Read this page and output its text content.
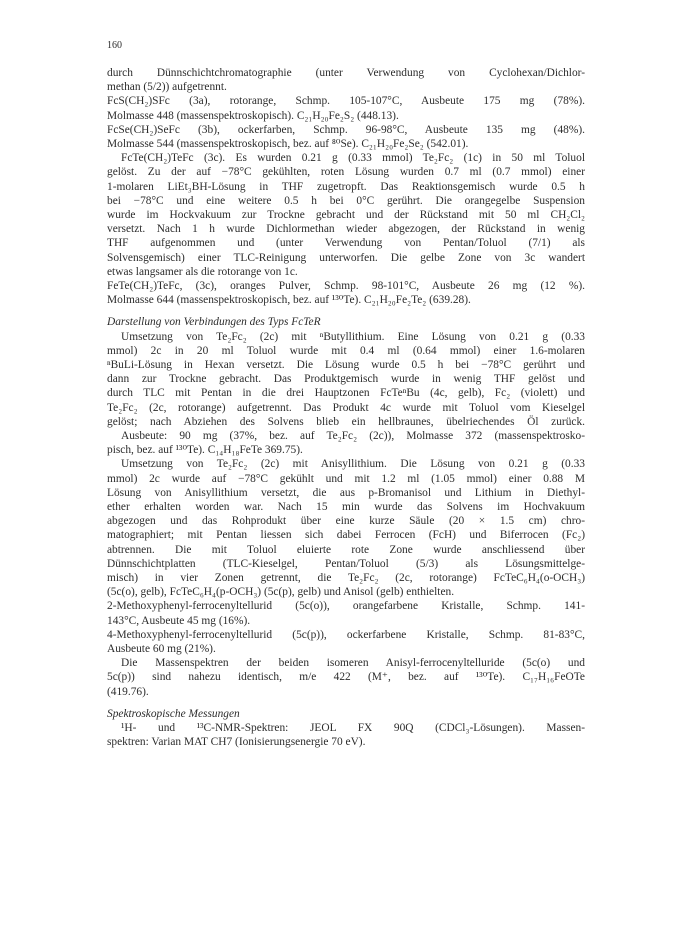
160
durch Dünnschichtchromatographie (unter Verwendung von Cyclohexan/Dichlor-
methan (5/2)) aufgetrennt.
FcS(CH₂)SFc (3a), rotorange, Schmp. 105-107°C, Ausbeute 175 mg (78%).
Molmasse 448 (massenspektroskopisch). C₂₁H₂₀Fe₂S₂ (448.13).
FcSe(CH₂)SeFc (3b), ockerfarben, Schmp. 96-98°C, Ausbeute 135 mg (48%).
Molmasse 544 (massenspektroskopisch, bez. auf ⁸⁰Se). C₂₁H₂₀Fe₂Se₂ (542.01).
FcTe(CH₂)TeFc (3c). Es wurden 0.21 g (0.33 mmol) Te₂Fc₂ (1c) in 50 ml Toluol
gelöst. Zu der auf −78°C gekühlten, roten Lösung wurden 0.7 ml (0.7 mmol) einer
1-molaren LiEt₃BH-Lösung in THF zugetropft. Das Reaktionsgemisch wurde 0.5 h
bei −78°C und eine weitere 0.5 h bei 0°C gerührt. Die orangegelbe Suspension
wurde im Hockvakuum zur Trockne gebracht und der Rückstand mit 50 ml CH₂Cl₂
versetzt. Nach 1 h wurde Dichlormethan wieder abgezogen, der Rückstand in wenig
THF aufgenommen und (unter Verwendung von Pentan/Toluol (7/1) als
Solvensgemisch) einer TLC-Reinigung unterworfen. Die gelbe Zone von 3c wandert
etwas langsamer als die rotorange von 1c.
FeTe(CH₂)TeFc, (3c), oranges Pulver, Schmp. 98-101°C, Ausbeute 26 mg (12 %).
Molmasse 644 (massenspektroskopisch, bez. auf ¹³⁰Te). C₂₁H₂₀Fe₂Te₂ (639.28).
Darstellung von Verbindungen des Typs FcTeR
Umsetzung von Te₂Fc₂ (2c) mit ⁿButyllithium. Eine Lösung von 0.21 g (0.33
mmol) 2c in 20 ml Toluol wurde mit 0.4 ml (0.64 mmol) einer 1.6-molaren
ⁿBuLi-Lösung in Hexan versetzt. Die Lösung wurde 0.5 h bei −78°C gerührt und
dann zur Trockne gebracht. Das Produktgemisch wurde in wenig THF gelöst und
durch TLC mit Pentan in die drei Hauptzonen FcTeⁿBu (4c, gelb), Fc₂ (violett) und
Te₂Fc₂ (2c, rotorange) aufgetrennt. Das Produkt 4c wurde mit Toluol vom Kieselgel
gelöst; nach Abziehen des Solvens blieb ein hellbraunes, übelriechendes Öl zurück.
Ausbeute: 90 mg (37%, bez. auf Te₂Fc₂ (2c)), Molmasse 372 (massenspektrosko-
pisch, bez. auf ¹³⁰Te). C₁₄H₁₈FeTe 369.75).
Umsetzung von Te₂Fc₂ (2c) mit Anisyllithium. Die Lösung von 0.21 g (0.33
mmol) 2c wurde auf −78°C gekühlt und mit 1.2 ml (1.05 mmol) einer 0.88 M
Lösung von Anisyllithium versetzt, die aus p-Bromanisol und Lithium in Diethyl-
ether erhalten worden war. Nach 15 min wurde das Solvens im Hochvakuum
abgezogen und das Rohprodukt über eine kurze Säule (20 × 1.5 cm) chro-
matographiert; mit Pentan liessen sich dabei Ferrocen (FcH) und Biferrocen (Fc₂)
abtrennen. Die mit Toluol eluierte rote Zone wurde anschliessend über
Dünnschichtplatten (TLC-Kieselgel, Pentan/Toluol (5/3) als Lösungsmittelge-
misch) in vier Zonen getrennt, die Te₂Fc₂ (2c, rotorange) FcTeC₆H₄(o-OCH₃)
(5c(o), gelb), FcTeC₆H₄(p-OCH₃) (5c(p), gelb) und Anisol (gelb) enthielten.
2-Methoxyphenyl-ferrocenyltellurid (5c(o)), orangefarbene Kristalle, Schmp. 141-
143°C, Ausbeute 45 mg (16%).
4-Methoxyphenyl-ferrocenyltellurid (5c(p)), ockerfarbene Kristalle, Schmp. 81-83°C,
Ausbeute 60 mg (21%).
Die Massenspektren der beiden isomeren Anisyl-ferrocenyltelluride (5c(o) und
5c(p)) sind nahezu identisch, m/e 422 (M⁺, bez. auf ¹³⁰Te). C₁₇H₁₆FeOTe
(419.76).
Spektroskopische Messungen
¹H- und ¹³C-NMR-Spektren: JEOL FX 90Q (CDCl₃-Lösungen). Massen-
spektren: Varian MAT CH7 (Ionisierungsenergie 70 eV).
